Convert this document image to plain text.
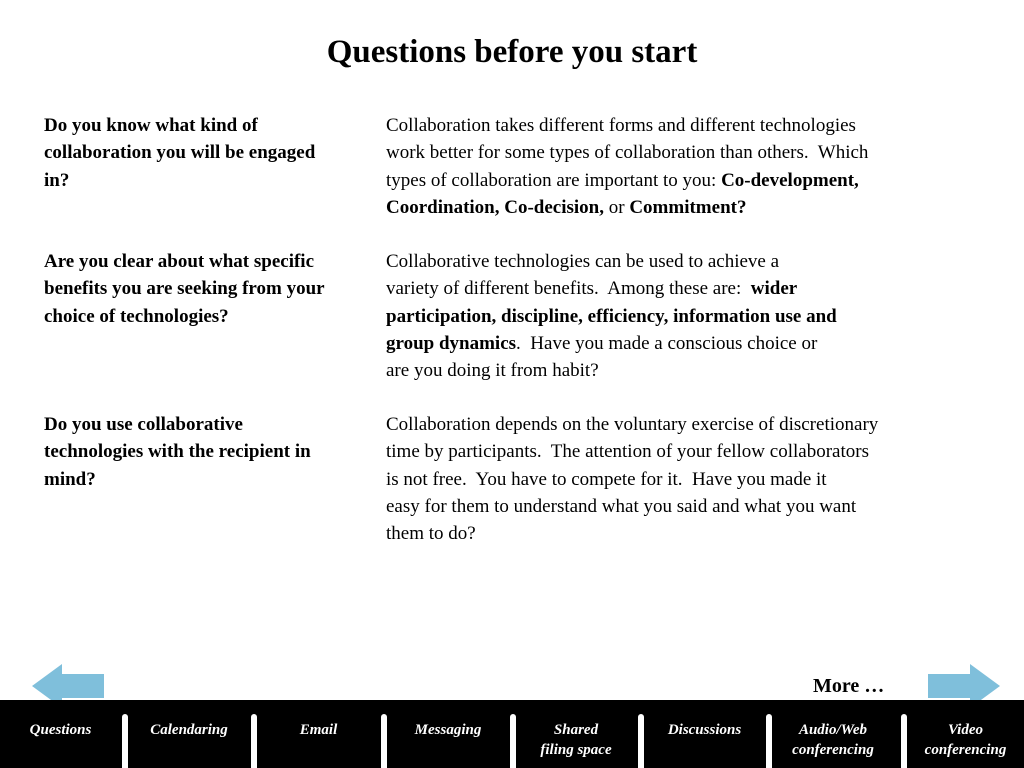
Questions before you start
Do you know what kind of collaboration you will be engaged in?
Collaboration takes different forms and different technologies
work better for some types of collaboration than others.  Which
types of collaboration are important to you: Co-development,
Coordination, Co-decision, or Commitment?
Are you clear about what specific benefits you are seeking from your choice of technologies?
Collaborative technologies can be used to achieve a
variety of different benefits.  Among these are:  wider
participation, discipline, efficiency, information use and
group dynamics.  Have you made a conscious choice or
are you doing it from habit?
Do you use collaborative technologies with the recipient in mind?
Collaboration depends on the voluntary exercise of discretionary
time by participants.  The attention of your fellow collaborators
is not free.  You have to compete for it.  Have you made it
easy for them to understand what you said and what you want
them to do?
More …
Questions	Calendaring	Email	Messaging	Shared
filing space
Discussions	Audio/Web
conferencing
Video
conferencing
